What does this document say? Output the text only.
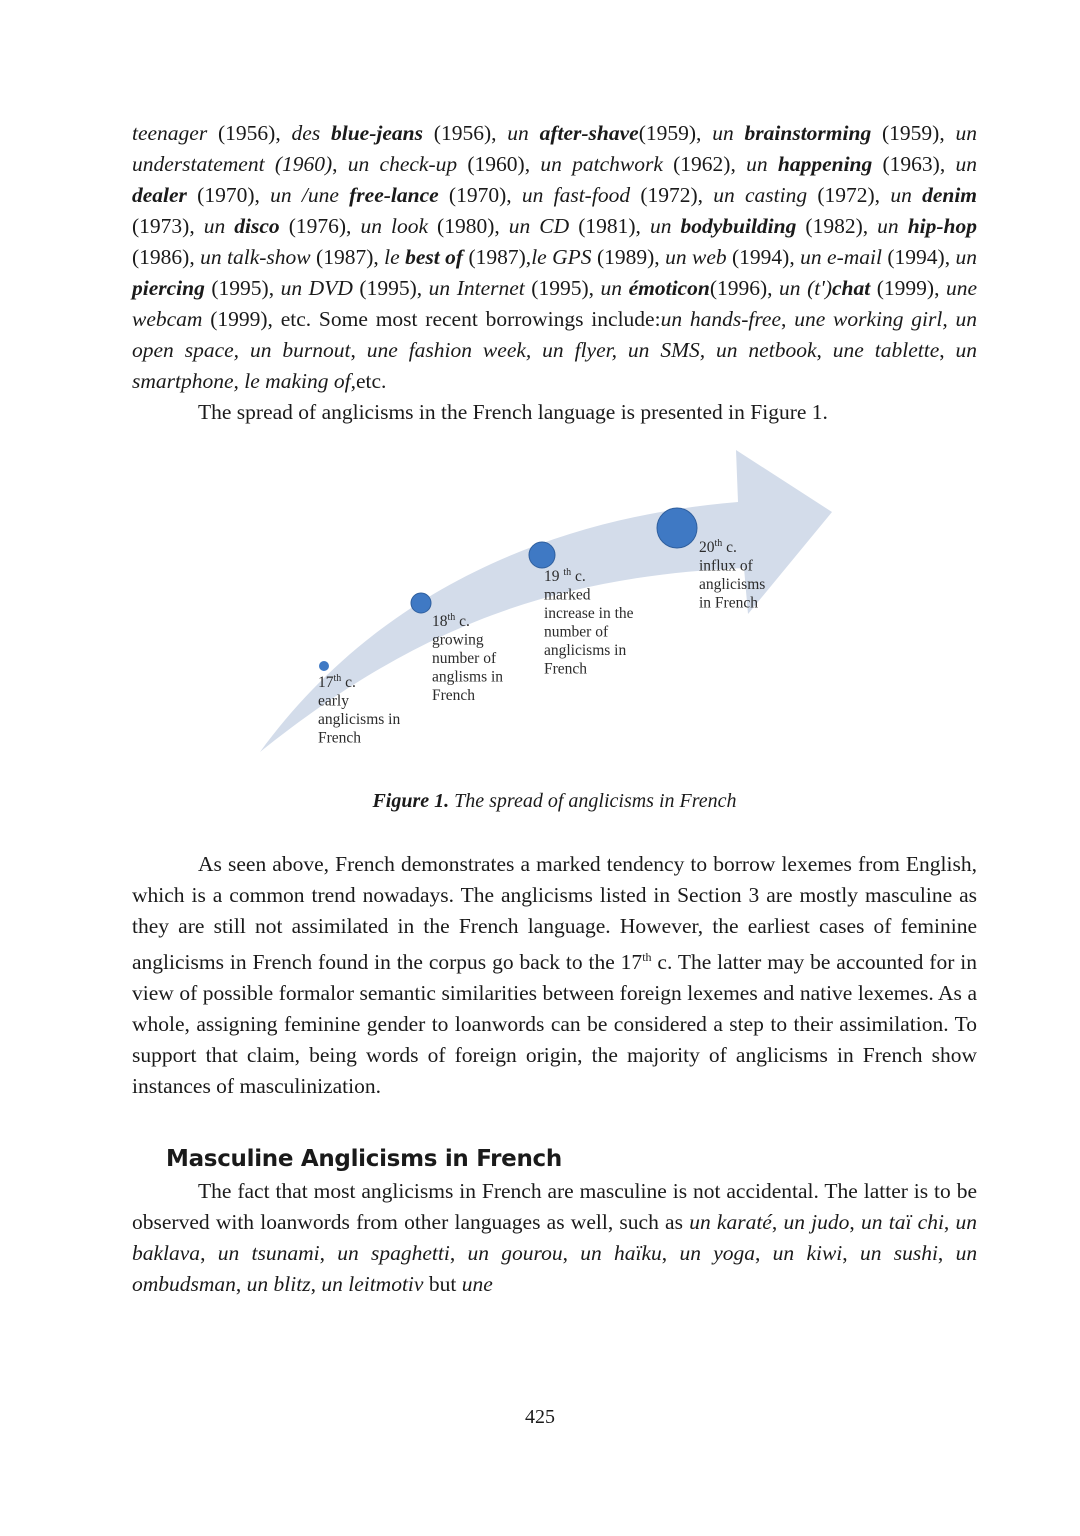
teenager (1956), des blue-jeans (1956), un after-shave(1959), un brainstorming (1959), un understatement (1960), un check-up (1960), un patchwork (1962), un happening (1963), un dealer (1970), un /une free-lance (1970), un fast-food (1972), un casting (1972), un denim (1973), un disco (1976), un look (1980), un CD (1981), un bodybuilding (1982), un hip-hop (1986), un talk-show (1987), le best of (1987),le GPS (1989), un web (1994), un e-mail (1994), un piercing (1995), un DVD (1995), un Internet (1995), un émoticon(1996), un (t')chat (1999), une webcam (1999), etc. Some most recent borrowings include:un hands-free, une working girl, un open space, un burnout, une fashion week, un flyer, un SMS, un netbook, une tablette, un smartphone, le making of,etc.

The spread of anglicisms in the French language is presented in Figure 1.

17th c. early anglicisms in French
18th c. growing number of anglisms in French
19 $^{th}$ c. marked increase in the number of anglicisms in French
20th c. influx of anglicisms in French

Figure 1. The spread of anglicisms in French

As seen above, French demonstrates a marked tendency to borrow lexemes from English, which is a common trend nowadays. The anglicisms listed in Section 3 are mostly masculine as they are still not assimilated in the French language. However, the earliest cases of feminine anglicisms in French found in the corpus go back to the 17th c. The latter may be accounted for in view of possible formalor semantic similarities between foreign lexemes and native lexemes. As a whole, assigning feminine gender to loanwords can be considered a step to their assimilation. To support that claim, being words of foreign origin, the majority of anglicisms in French show instances of masculinization.

Masculine Anglicisms in French

The fact that most anglicisms in French are masculine is not accidental. The latter is to be observed with loanwords from other languages as well, such as un karaté, un judo, un taï chi, un baklava, un tsunami, un spaghetti, un gourou, un haïku, un yoga, un kiwi, un sushi, un ombudsman, un blitz, un leitmotiv but une

425
